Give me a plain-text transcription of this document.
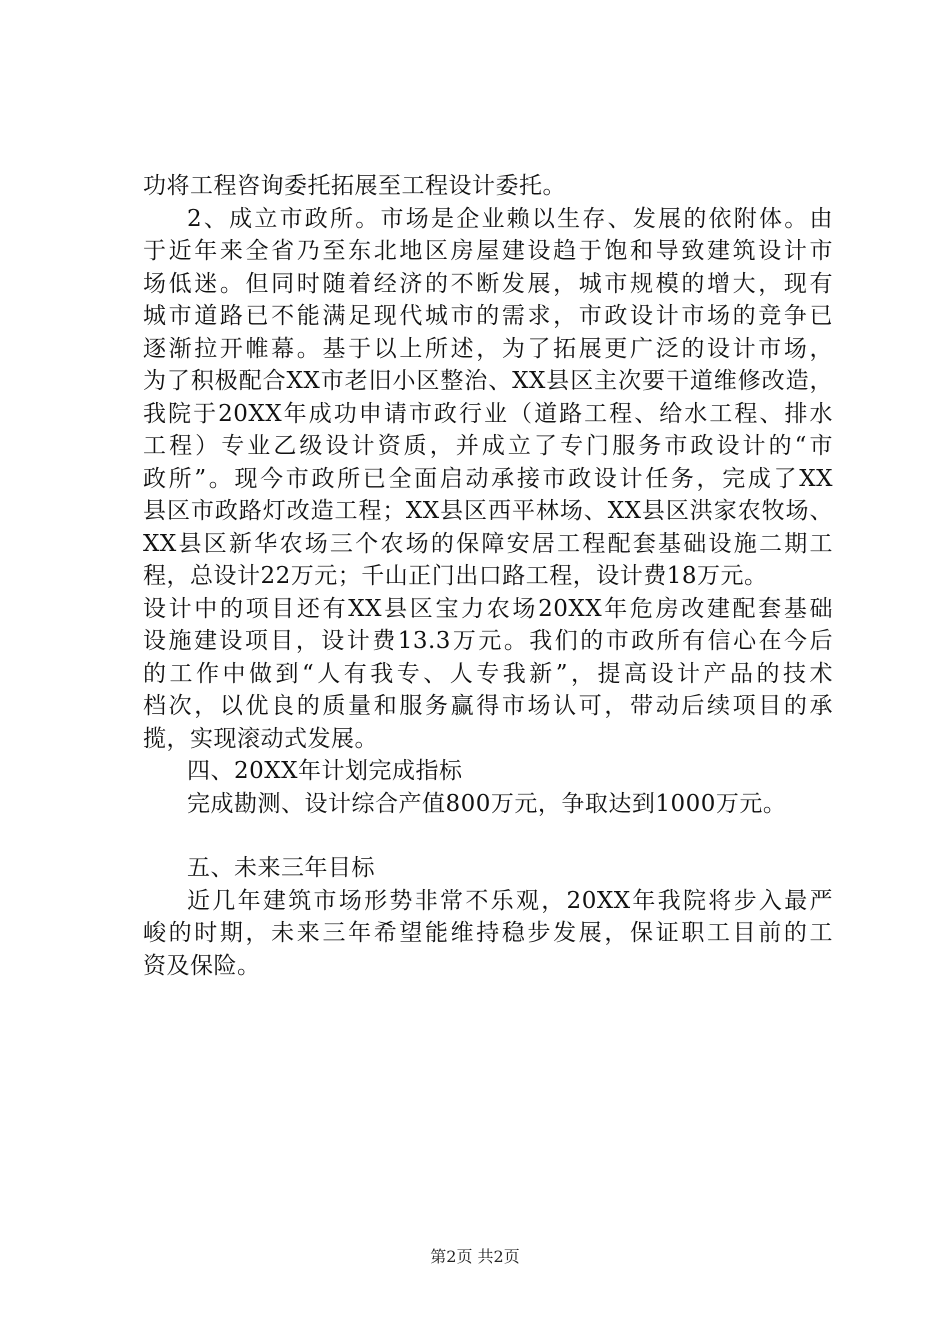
功将工程咨询委托拓展至工程设计委托。
2、成立市政所。市场是企业赖以生存、发展的依附体。由
于近年来全省乃至东北地区房屋建设趋于饱和导致建筑设计市
场低迷。但同时随着经济的不断发展，城市规模的增大，现有
城市道路已不能满足现代城市的需求，市政设计市场的竞争已
逐渐拉开帷幕。基于以上所述，为了拓展更广泛的设计市场，
为了积极配合XX市老旧小区整治、XX县区主次要干道维修改造，
我院于20XX年成功申请市政行业（道路工程、给水工程、排水
工程）专业乙级设计资质，并成立了专门服务市政设计的“市
政所”。现今市政所已全面启动承接市政设计任务，完成了XX
县区市政路灯改造工程；XX县区西平林场、XX县区洪家农牧场、
XX县区新华农场三个农场的保障安居工程配套基础设施二期工
程，总设计22万元；千山正门出口路工程，设计费18万元。
设计中的项目还有XX县区宝力农场20XX年危房改建配套基础
设施建设项目，设计费13.3万元。我们的市政所有信心在今后
的工作中做到“人有我专、人专我新”，提高设计产品的技术
档次，以优良的质量和服务赢得市场认可，带动后续项目的承
揽，实现滚动式发展。
四、20XX年计划完成指标
完成勘测、设计综合产值800万元，争取达到1000万元。
五、未来三年目标
近几年建筑市场形势非常不乐观，20XX年我院将步入最严
峻的时期，未来三年希望能维持稳步发展，保证职工目前的工
资及保险。
第2页 共2页
